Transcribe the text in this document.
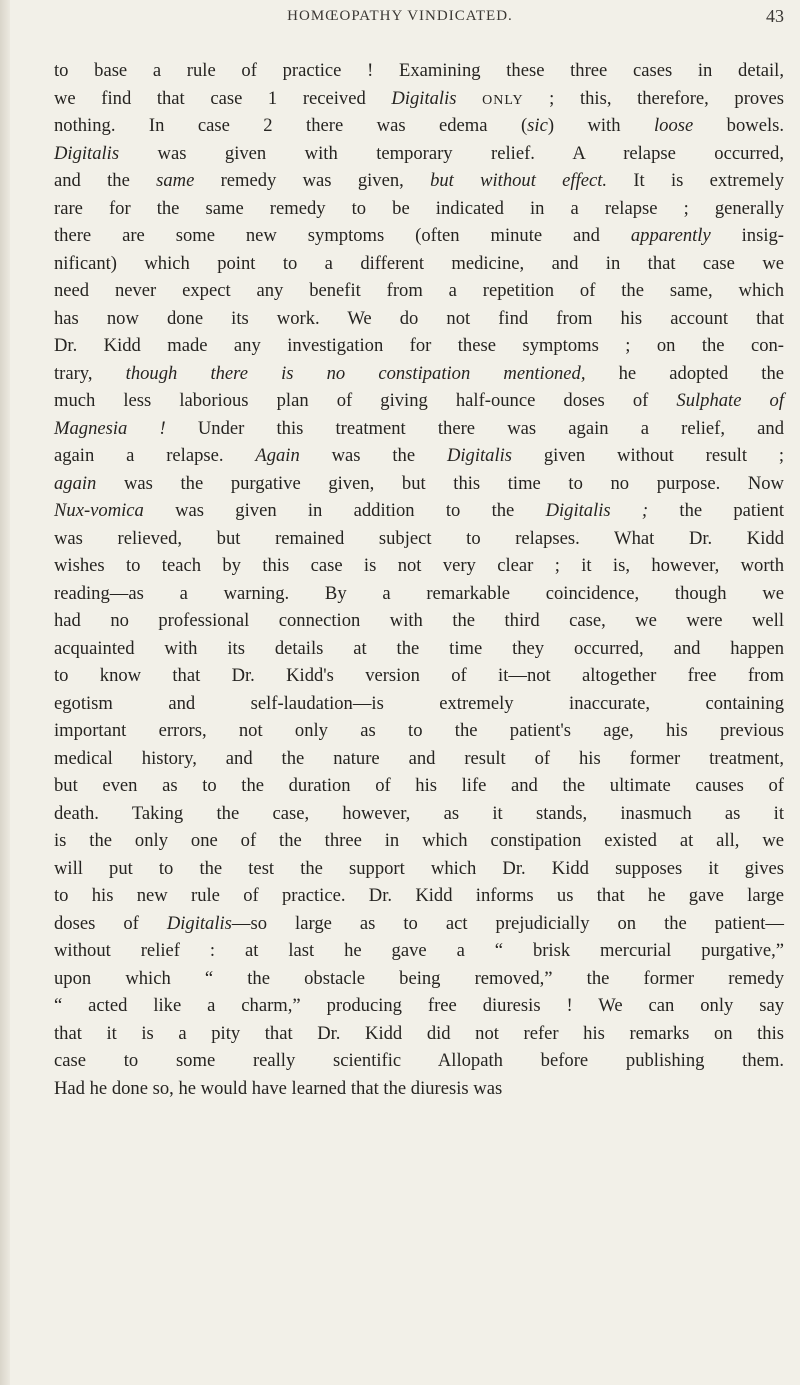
HOMŒOPATHY VINDICATED.	43
to base a rule of practice ! Examining these three cases in detail,
we find that case 1 received Digitalis ONLY ; this, therefore, proves
nothing. In case 2 there was edema (sic) with loose bowels.
Digitalis was given with temporary relief. A relapse occurred,
and the same remedy was given, but without effect. It is extremely
rare for the same remedy to be indicated in a relapse ; generally
there are some new symptoms (often minute and apparently insig-
nificant) which point to a different medicine, and in that case we
need never expect any benefit from a repetition of the same, which
has now done its work. We do not find from his account that
Dr. Kidd made any investigation for these symptoms ; on the con-
trary, though there is no constipation mentioned, he adopted the
much less laborious plan of giving half-ounce doses of Sulphate of
Magnesia ! Under this treatment there was again a relief, and
again a relapse. Again was the Digitalis given without result ;
again was the purgative given, but this time to no purpose. Now
Nux-vomica was given in addition to the Digitalis ; the patient
was relieved, but remained subject to relapses. What Dr. Kidd
wishes to teach by this case is not very clear ; it is, however, worth
reading—as a warning. By a remarkable coincidence, though we
had no professional connection with the third case, we were well
acquainted with its details at the time they occurred, and happen
to know that Dr. Kidd's version of it—not altogether free from
egotism and self-laudation—is extremely inaccurate, containing
important errors, not only as to the patient's age, his previous
medical history, and the nature and result of his former treatment,
but even as to the duration of his life and the ultimate causes of
death. Taking the case, however, as it stands, inasmuch as it
is the only one of the three in which constipation existed at all, we
will put to the test the support which Dr. Kidd supposes it gives
to his new rule of practice. Dr. Kidd informs us that he gave large
doses of Digitalis—so large as to act prejudicially on the patient—
without relief : at last he gave a “ brisk mercurial purgative,”
upon which “ the obstacle being removed,” the former remedy
“ acted like a charm,” producing free diuresis ! We can only say
that it is a pity that Dr. Kidd did not refer his remarks on this
case to some really scientific Allopath before publishing them.
Had he done so, he would have learned that the diuresis was
